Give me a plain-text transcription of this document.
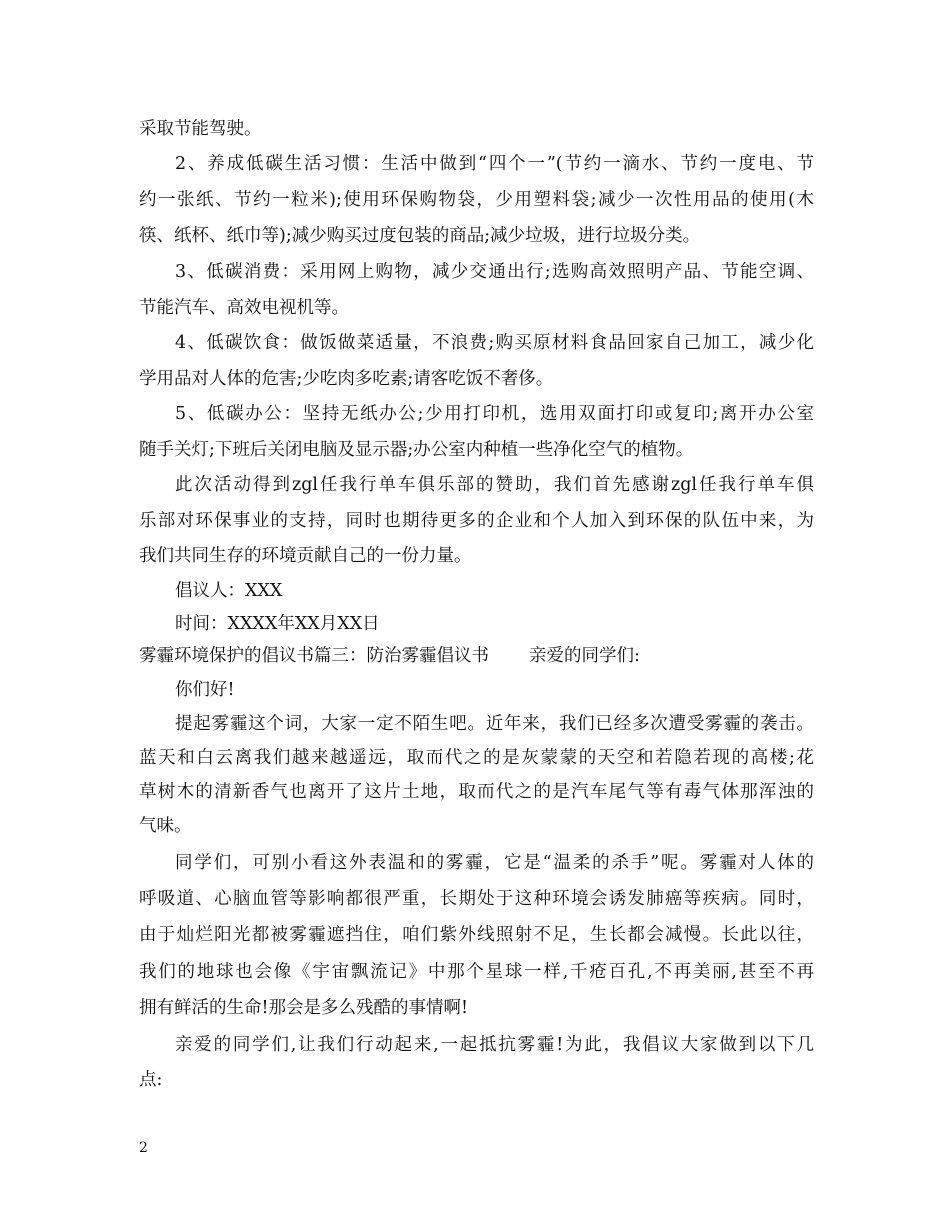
采取节能驾驶。
2、养成低碳生活习惯：生活中做到“四个一”(节约一滴水、节约一度电、节
约一张纸、节约一粒米);使用环保购物袋，少用塑料袋;减少一次性用品的使用(木
筷、纸杯、纸巾等);减少购买过度包装的商品;减少垃圾，进行垃圾分类。
3、低碳消费：采用网上购物，减少交通出行;选购高效照明产品、节能空调、
节能汽车、高效电视机等。
4、低碳饮食：做饭做菜适量，不浪费;购买原材料食品回家自己加工，减少化
学用品对人体的危害;少吃肉多吃素;请客吃饭不奢侈。
5、低碳办公：坚持无纸办公;少用打印机，选用双面打印或复印;离开办公室
随手关灯;下班后关闭电脑及显示器;办公室内种植一些净化空气的植物。
此次活动得到zgl任我行单车俱乐部的赞助，我们首先感谢zgl任我行单车俱
乐部对环保事业的支持，同时也期待更多的企业和个人加入到环保的队伍中来，为
我们共同生存的环境贡献自己的一份力量。
倡议人：XXX
时间：XXXX年XX月XX日
雾霾环境保护的倡议书篇三：防治雾霾倡议书 亲爱的同学们:
你们好!
提起雾霾这个词，大家一定不陌生吧。近年来，我们已经多次遭受雾霾的袭击。
蓝天和白云离我们越来越遥远，取而代之的是灰蒙蒙的天空和若隐若现的高楼;花
草树木的清新香气也离开了这片土地，取而代之的是汽车尾气等有毒气体那浑浊的
气味。
同学们，可别小看这外表温和的雾霾，它是“温柔的杀手”呢。雾霾对人体的
呼吸道、心脑血管等影响都很严重，长期处于这种环境会诱发肺癌等疾病。同时，
由于灿烂阳光都被雾霾遮挡住，咱们紫外线照射不足，生长都会减慢。长此以往，
我们的地球也会像《宇宙飘流记》中那个星球一样,千疮百孔,不再美丽,甚至不再
拥有鲜活的生命!那会是多么残酷的事情啊!
亲爱的同学们,让我们行动起来,一起抵抗雾霾!为此，我倡议大家做到以下几
点:
2
